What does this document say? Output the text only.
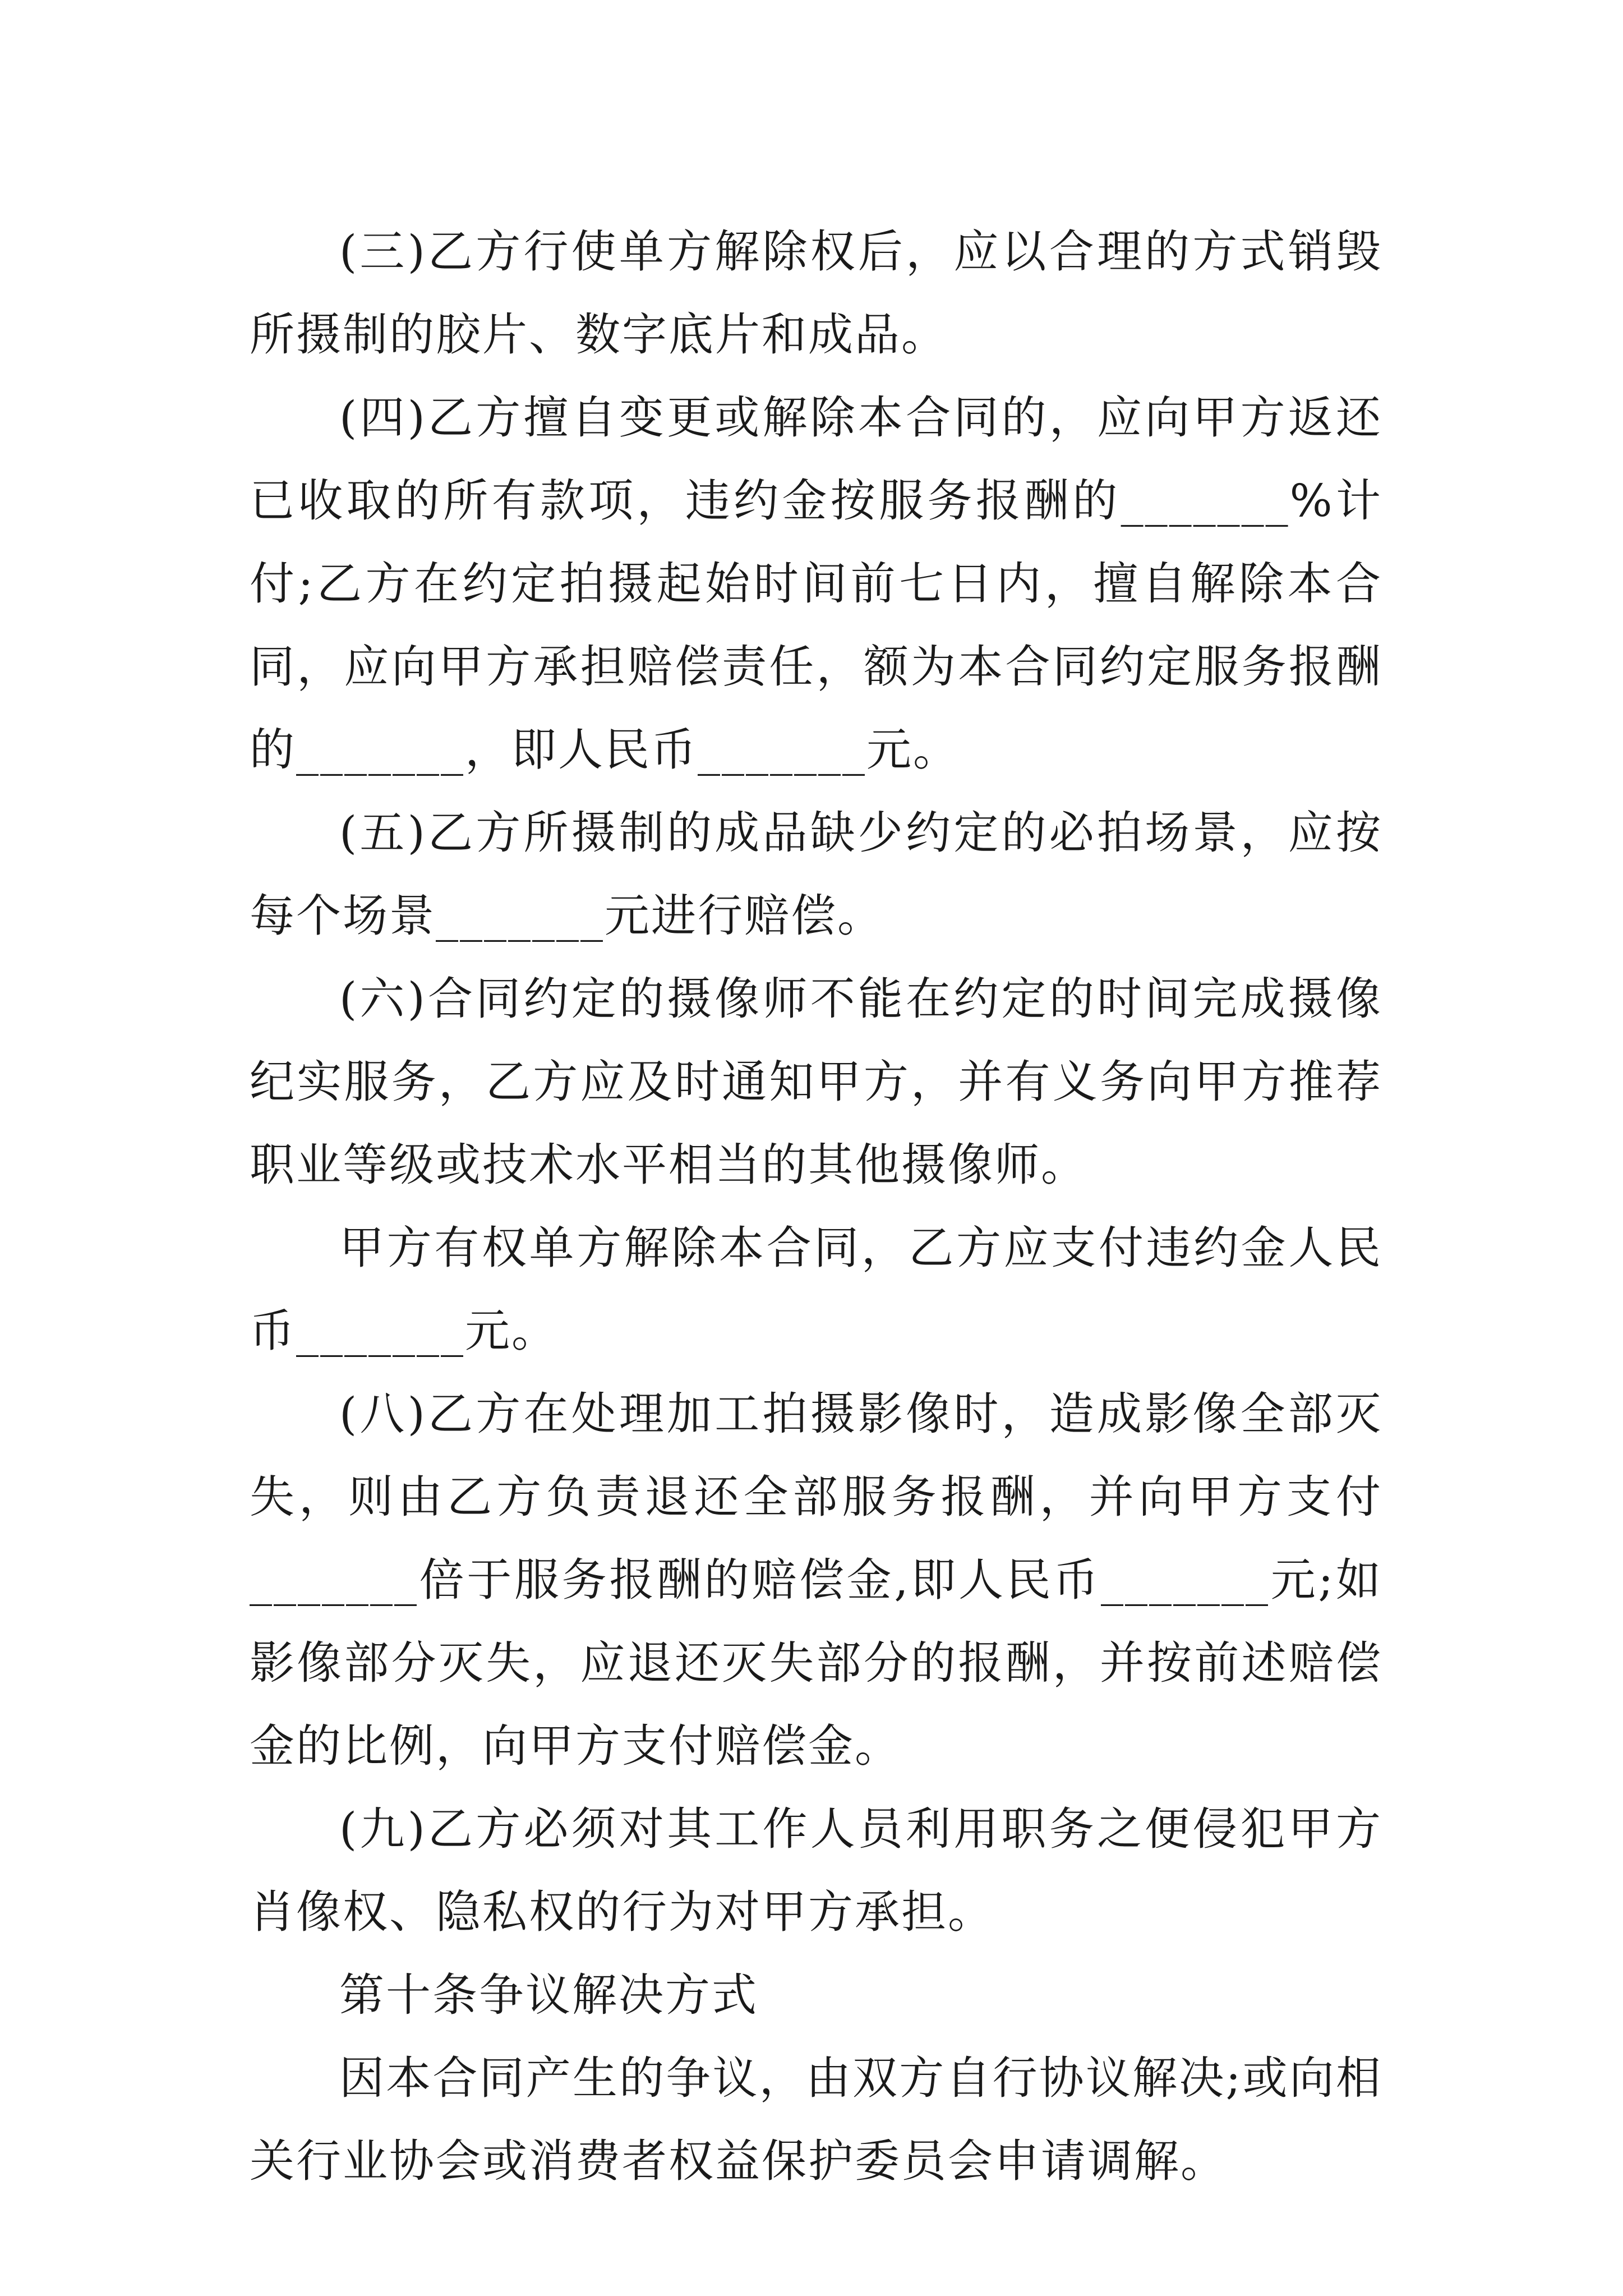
(三)乙方行使单方解除权后，应以合理的方式销毁所摄制的胶片、数字底片和成品。

(四)乙方擅自变更或解除本合同的，应向甲方返还已收取的所有款项，违约金按服务报酬的_______%计付;乙方在约定拍摄起始时间前七日内，擅自解除本合同，应向甲方承担赔偿责任，额为本合同约定服务报酬的_______，即人民币_______元。

(五)乙方所摄制的成品缺少约定的必拍场景，应按每个场景_______元进行赔偿。

(六)合同约定的摄像师不能在约定的时间完成摄像纪实服务，乙方应及时通知甲方，并有义务向甲方推荐职业等级或技术水平相当的其他摄像师。

甲方有权单方解除本合同，乙方应支付违约金人民币_______元。

(八)乙方在处理加工拍摄影像时，造成影像全部灭失，则由乙方负责退还全部服务报酬，并向甲方支付_______倍于服务报酬的赔偿金,即人民币_______元;如影像部分灭失，应退还灭失部分的报酬，并按前述赔偿金的比例，向甲方支付赔偿金。

(九)乙方必须对其工作人员利用职务之便侵犯甲方肖像权、隐私权的行为对甲方承担。

第十条争议解决方式

因本合同产生的争议，由双方自行协议解决;或向相关行业协会或消费者权益保护委员会申请调解。
